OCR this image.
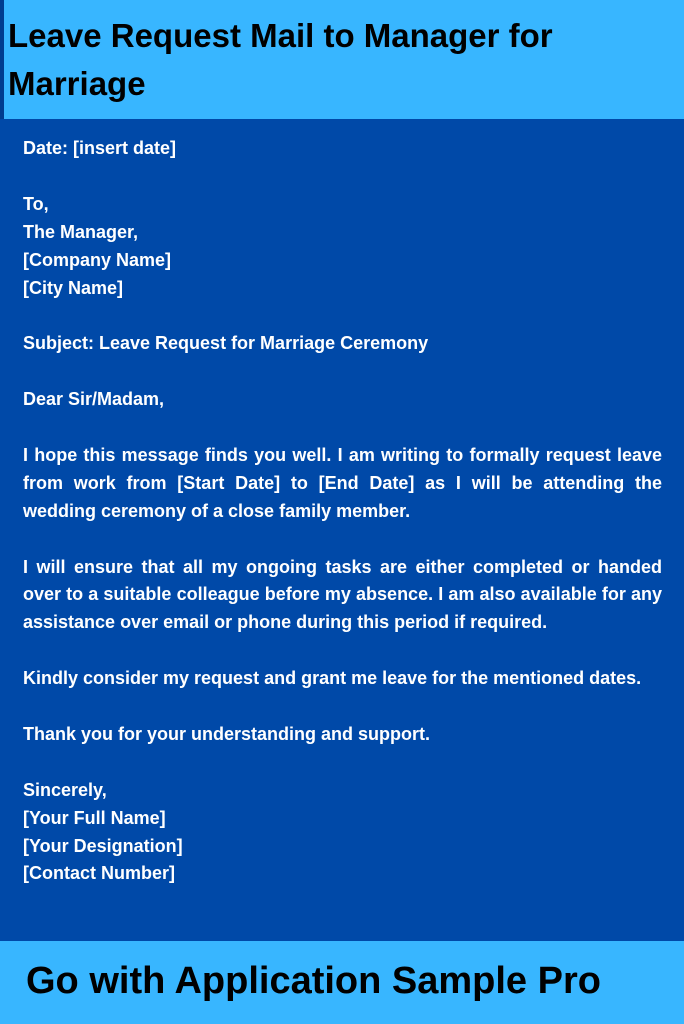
Leave Request Mail to Manager for Marriage
Date: [insert date]
To,
The Manager,
[Company Name]
[City Name]
Subject: Leave Request for Marriage Ceremony
Dear Sir/Madam,
I hope this message finds you well. I am writing to formally request leave from work from [Start Date] to [End Date] as I will be attending the wedding ceremony of a close family member.
I will ensure that all my ongoing tasks are either completed or handed over to a suitable colleague before my absence. I am also available for any assistance over email or phone during this period if required.
Kindly consider my request and grant me leave for the mentioned dates.
Thank you for your understanding and support.
Sincerely,
[Your Full Name]
[Your Designation]
[Contact Number]

Go with Application Sample Pro
